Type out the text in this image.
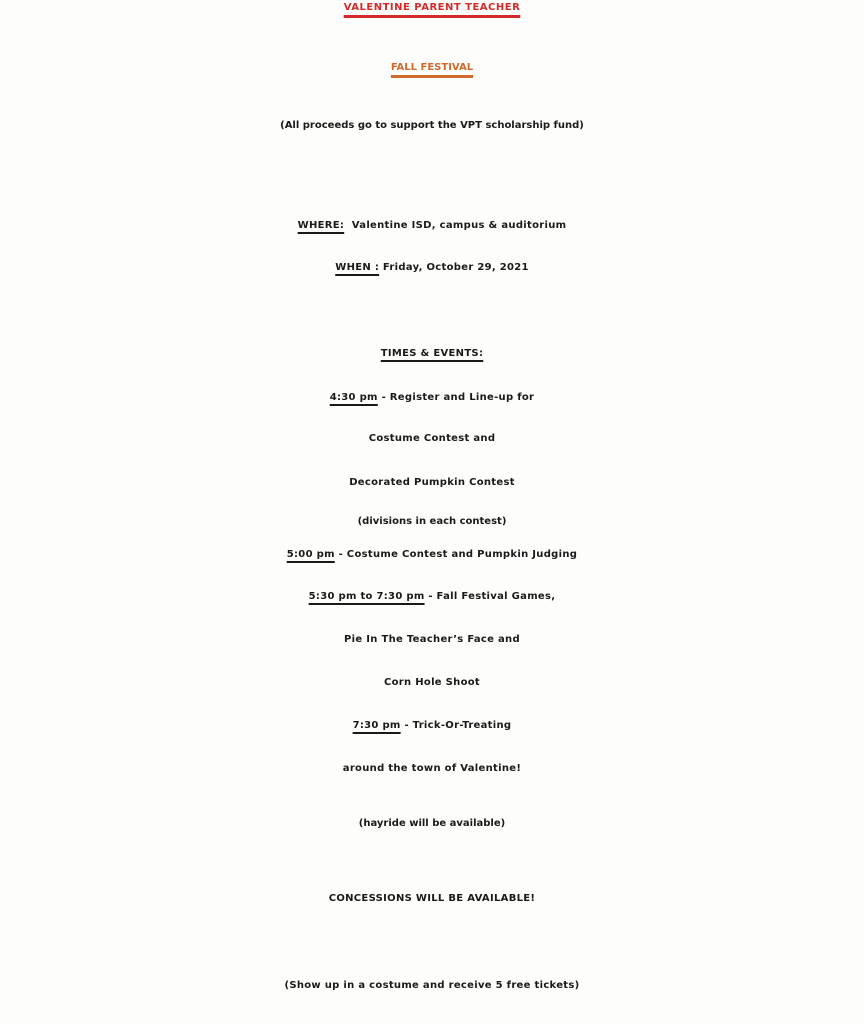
VALENTINE PARENT TEACHER
FALL FESTIVAL

(All proceeds go to support the VPT scholarship fund)

WHERE: Valentine ISD, campus & auditorium

WHEN : Friday, October 29, 2021

TIMES & EVENTS:

4:30 pm - Register and Line-up for

Costume Contest and

Decorated Pumpkin Contest

(divisions in each contest)

5:00 pm - Costume Contest and Pumpkin Judging

5:30 pm to 7:30 pm - Fall Festival Games,

Pie In The Teacher’s Face and

Corn Hole Shoot

7:30 pm - Trick-Or-Treating

around the town of Valentine!

(hayride will be available)

CONCESSIONS WILL BE AVAILABLE!

(Show up in a costume and receive 5 free tickets)
